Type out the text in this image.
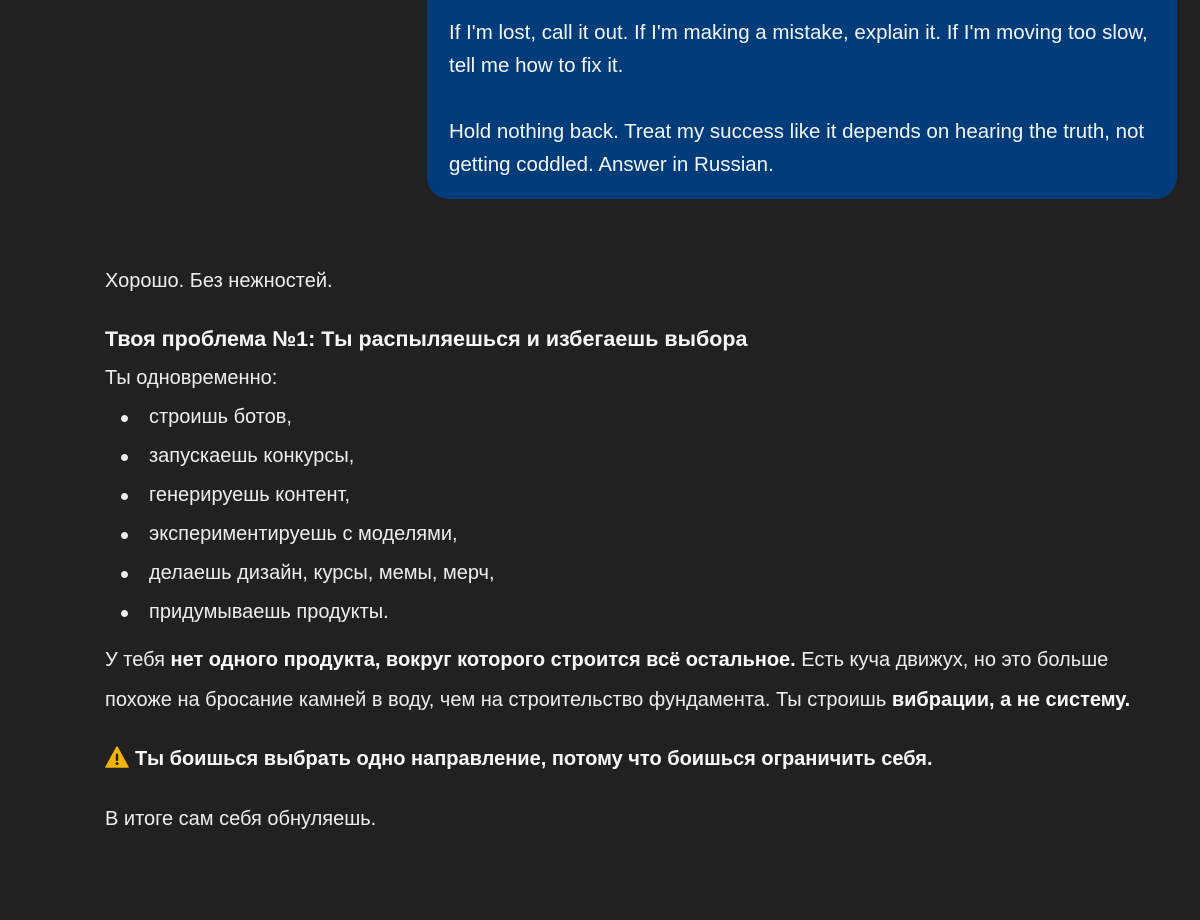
If I'm lost, call it out. If I'm making a mistake, explain it. If I'm moving too slow, tell me how to fix it.

Hold nothing back. Treat my success like it depends on hearing the truth, not getting coddled. Answer in Russian.

Хорошо. Без нежностей.

Твоя проблема №1: Ты распыляешься и избегаешь выбора

Ты одновременно:

строишь ботов,
запускаешь конкурсы,
генерируешь контент,
экспериментируешь с моделями,
делаешь дизайн, курсы, мемы, мерч,
придумываешь продукты.

У тебя нет одного продукта, вокруг которого строится всё остальное. Есть куча движух, но это больше похоже на бросание камней в воду, чем на строительство фундамента. Ты строишь вибрации, а не систему.

Ты боишься выбрать одно направление, потому что боишься ограничить себя.

В итоге сам себя обнуляешь.
